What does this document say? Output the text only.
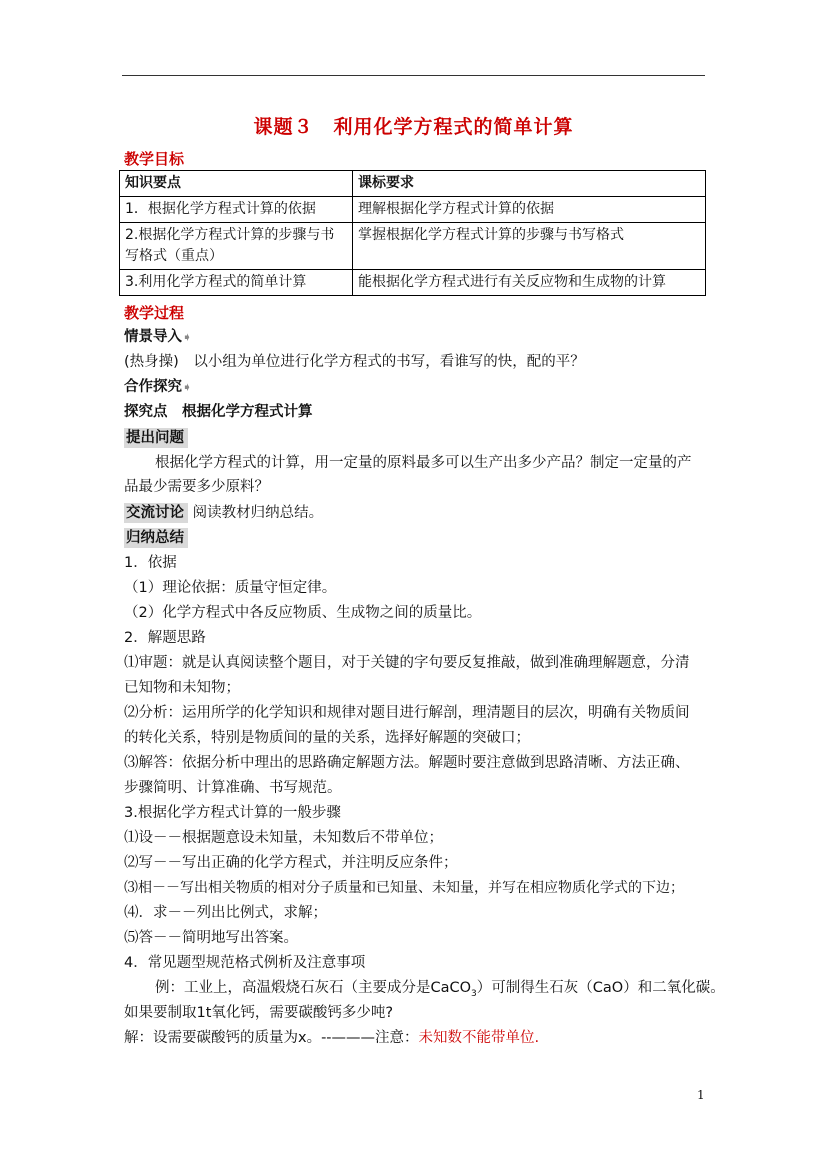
课题３　利用化学方程式的简单计算
教学目标
知识要点	课标要求
1．根据化学方程式计算的依据	理解根据化学方程式计算的依据
2.根据化学方程式计算的步骤与书写格式（重点）	掌握根据化学方程式计算的步骤与书写格式
3.利用化学方程式的简单计算	能根据化学方程式进行有关反应物和生成物的计算
教学过程
情景导入➧
(热身操)　以小组为单位进行化学方程式的书写，看谁写的快，配的平？
合作探究➧
探究点　根据化学方程式计算
提出问题
根据化学方程式的计算，用一定量的原料最多可以生产出多少产品？制定一定量的产
品最少需要多少原料？
交流讨论 阅读教材归纳总结。
归纳总结
1．依据
（1）理论依据：质量守恒定律。
（2）化学方程式中各反应物质、生成物之间的质量比。
2．解题思路
⑴审题：就是认真阅读整个题目，对于关键的字句要反复推敲，做到准确理解题意，分清
已知物和未知物；
⑵分析：运用所学的化学知识和规律对题目进行解剖，理清题目的层次，明确有关物质间
的转化关系，特别是物质间的量的关系，选择好解题的突破口；
⑶解答：依据分析中理出的思路确定解题方法。解题时要注意做到思路清晰、方法正确、
步骤简明、计算准确、书写规范。
3.根据化学方程式计算的一般步骤
⑴设－－根据题意设未知量，未知数后不带单位；
⑵写－－写出正确的化学方程式，并注明反应条件；
⑶相－－写出相关物质的相对分子质量和已知量、未知量，并写在相应物质化学式的下边；
⑷．求－－列出比例式，求解；
⑸答－－简明地写出答案。
4．常见题型规范格式例析及注意事项
例：工业上，高温煅烧石灰石（主要成分是CaCO$_3$）可制得生石灰（CaO）和二氧化碳。
如果要制取1t氧化钙，需要碳酸钙多少吨?
解：设需要碳酸钙的质量为x。--———注意：未知数不能带单位.
1
